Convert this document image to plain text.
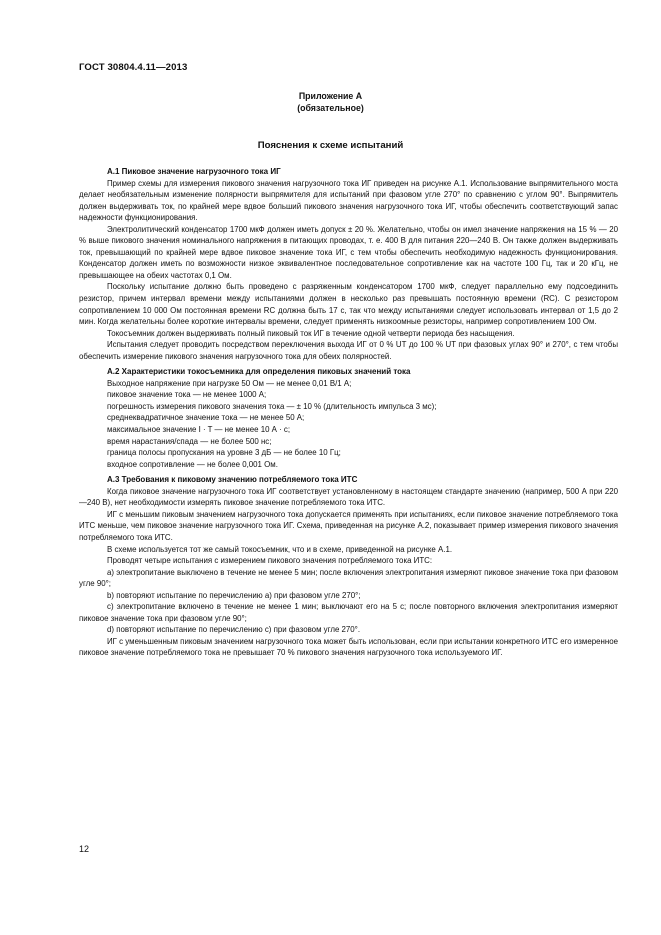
ГОСТ 30804.4.11—2013
Приложение А
(обязательное)
Пояснения к схеме испытаний
А.1 Пиковое значение нагрузочного тока ИГ

Пример схемы для измерения пикового значения нагрузочного тока ИГ приведен на рисунке А.1. Использование выпрямительного моста делает необязательным изменение полярности выпрямителя для испытаний при фазовом угле 270° по сравнению с углом 90°. Выпрямитель должен выдерживать ток, по крайней мере вдвое больший пикового значения нагрузочного тока ИГ, чтобы обеспечить соответствующий запас надежности функционирования.

Электролитический конденсатор 1700 мкФ должен иметь допуск ± 20 %. Желательно, чтобы он имел значение напряжения на 15 % — 20 % выше пикового значения номинального напряжения в питающих проводах, т. е. 400 В для питания 220—240 В. Он также должен выдерживать ток, превышающий по крайней мере вдвое пиковое значение тока ИГ, с тем чтобы обеспечить необходимую надежность функционирования. Конденсатор должен иметь по возможности низкое эквивалентное последовательное сопротивление как на частоте 100 Гц, так и 20 кГц, не превышающее на обеих частотах 0,1 Ом.

Поскольку испытание должно быть проведено с разряженным конденсатором 1700 мкФ, следует параллельно ему подсоединить резистор, причем интервал времени между испытаниями должен в несколько раз превышать постоянную времени (RC). С резистором сопротивлением 10 000 Ом постоянная времени RC должна быть 17 с, так что между испытаниями следует использовать интервал от 1,5 до 2 мин. Когда желательны более короткие интервалы времени, следует применять низкоомные резисторы, например сопротивлением 100 Ом.

Токосъемник должен выдерживать полный пиковый ток ИГ в течение одной четверти периода без насыщения.

Испытания следует проводить посредством переключения выхода ИГ от 0 % UT до 100 % UT при фазовых углах 90° и 270°, с тем чтобы обеспечить измерение пикового значения нагрузочного тока для обеих полярностей.

А.2 Характеристики токосъемника для определения пиковых значений тока

Выходное напряжение при нагрузке 50 Ом — не менее 0,01 В/1 А;

пиковое значение тока — не менее 1000 А;

погрешность измерения пикового значения тока — ± 10 % (длительность импульса 3 мс);

среднеквадратичное значение тока — не менее 50 А;

максимальное значение I · T — не менее 10 А · с;

время нарастания/спада — не более 500 нс;

граница полосы пропускания на уровне 3 дБ — не более 10 Гц;

входное сопротивление — не более 0,001 Ом.

А.3 Требования к пиковому значению потребляемого тока ИТС

Когда пиковое значение нагрузочного тока ИГ соответствует установленному в настоящем стандарте значению (например, 500 А при 220—240 В), нет необходимости измерять пиковое значение потребляемого тока ИТС.

ИГ с меньшим пиковым значением нагрузочного тока допускается применять при испытаниях, если пиковое значение потребляемого тока ИТС меньше, чем пиковое значение нагрузочного тока ИГ. Схема, приведенная на рисунке А.2, показывает пример измерения пикового значения потребляемого тока ИТС.

В схеме используется тот же самый токосъемник, что и в схеме, приведенной на рисунке А.1.

Проводят четыре испытания с измерением пикового значения потребляемого тока ИТС:

а) электропитание выключено в течение не менее 5 мин; после включения электропитания измеряют пиковое значение тока при фазовом угле 90°;

b) повторяют испытание по перечислению а) при фазовом угле 270°;

с) электропитание включено в течение не менее 1 мин; выключают его на 5 с; после повторного включения электропитания измеряют пиковое значение тока при фазовом угле 90°;

d) повторяют испытание по перечислению с) при фазовом угле 270°.

ИГ с уменьшенным пиковым значением нагрузочного тока может быть использован, если при испытании конкретного ИТС его измеренное пиковое значение потребляемого тока не превышает 70 % пикового значения нагрузочного тока используемого ИГ.

12
